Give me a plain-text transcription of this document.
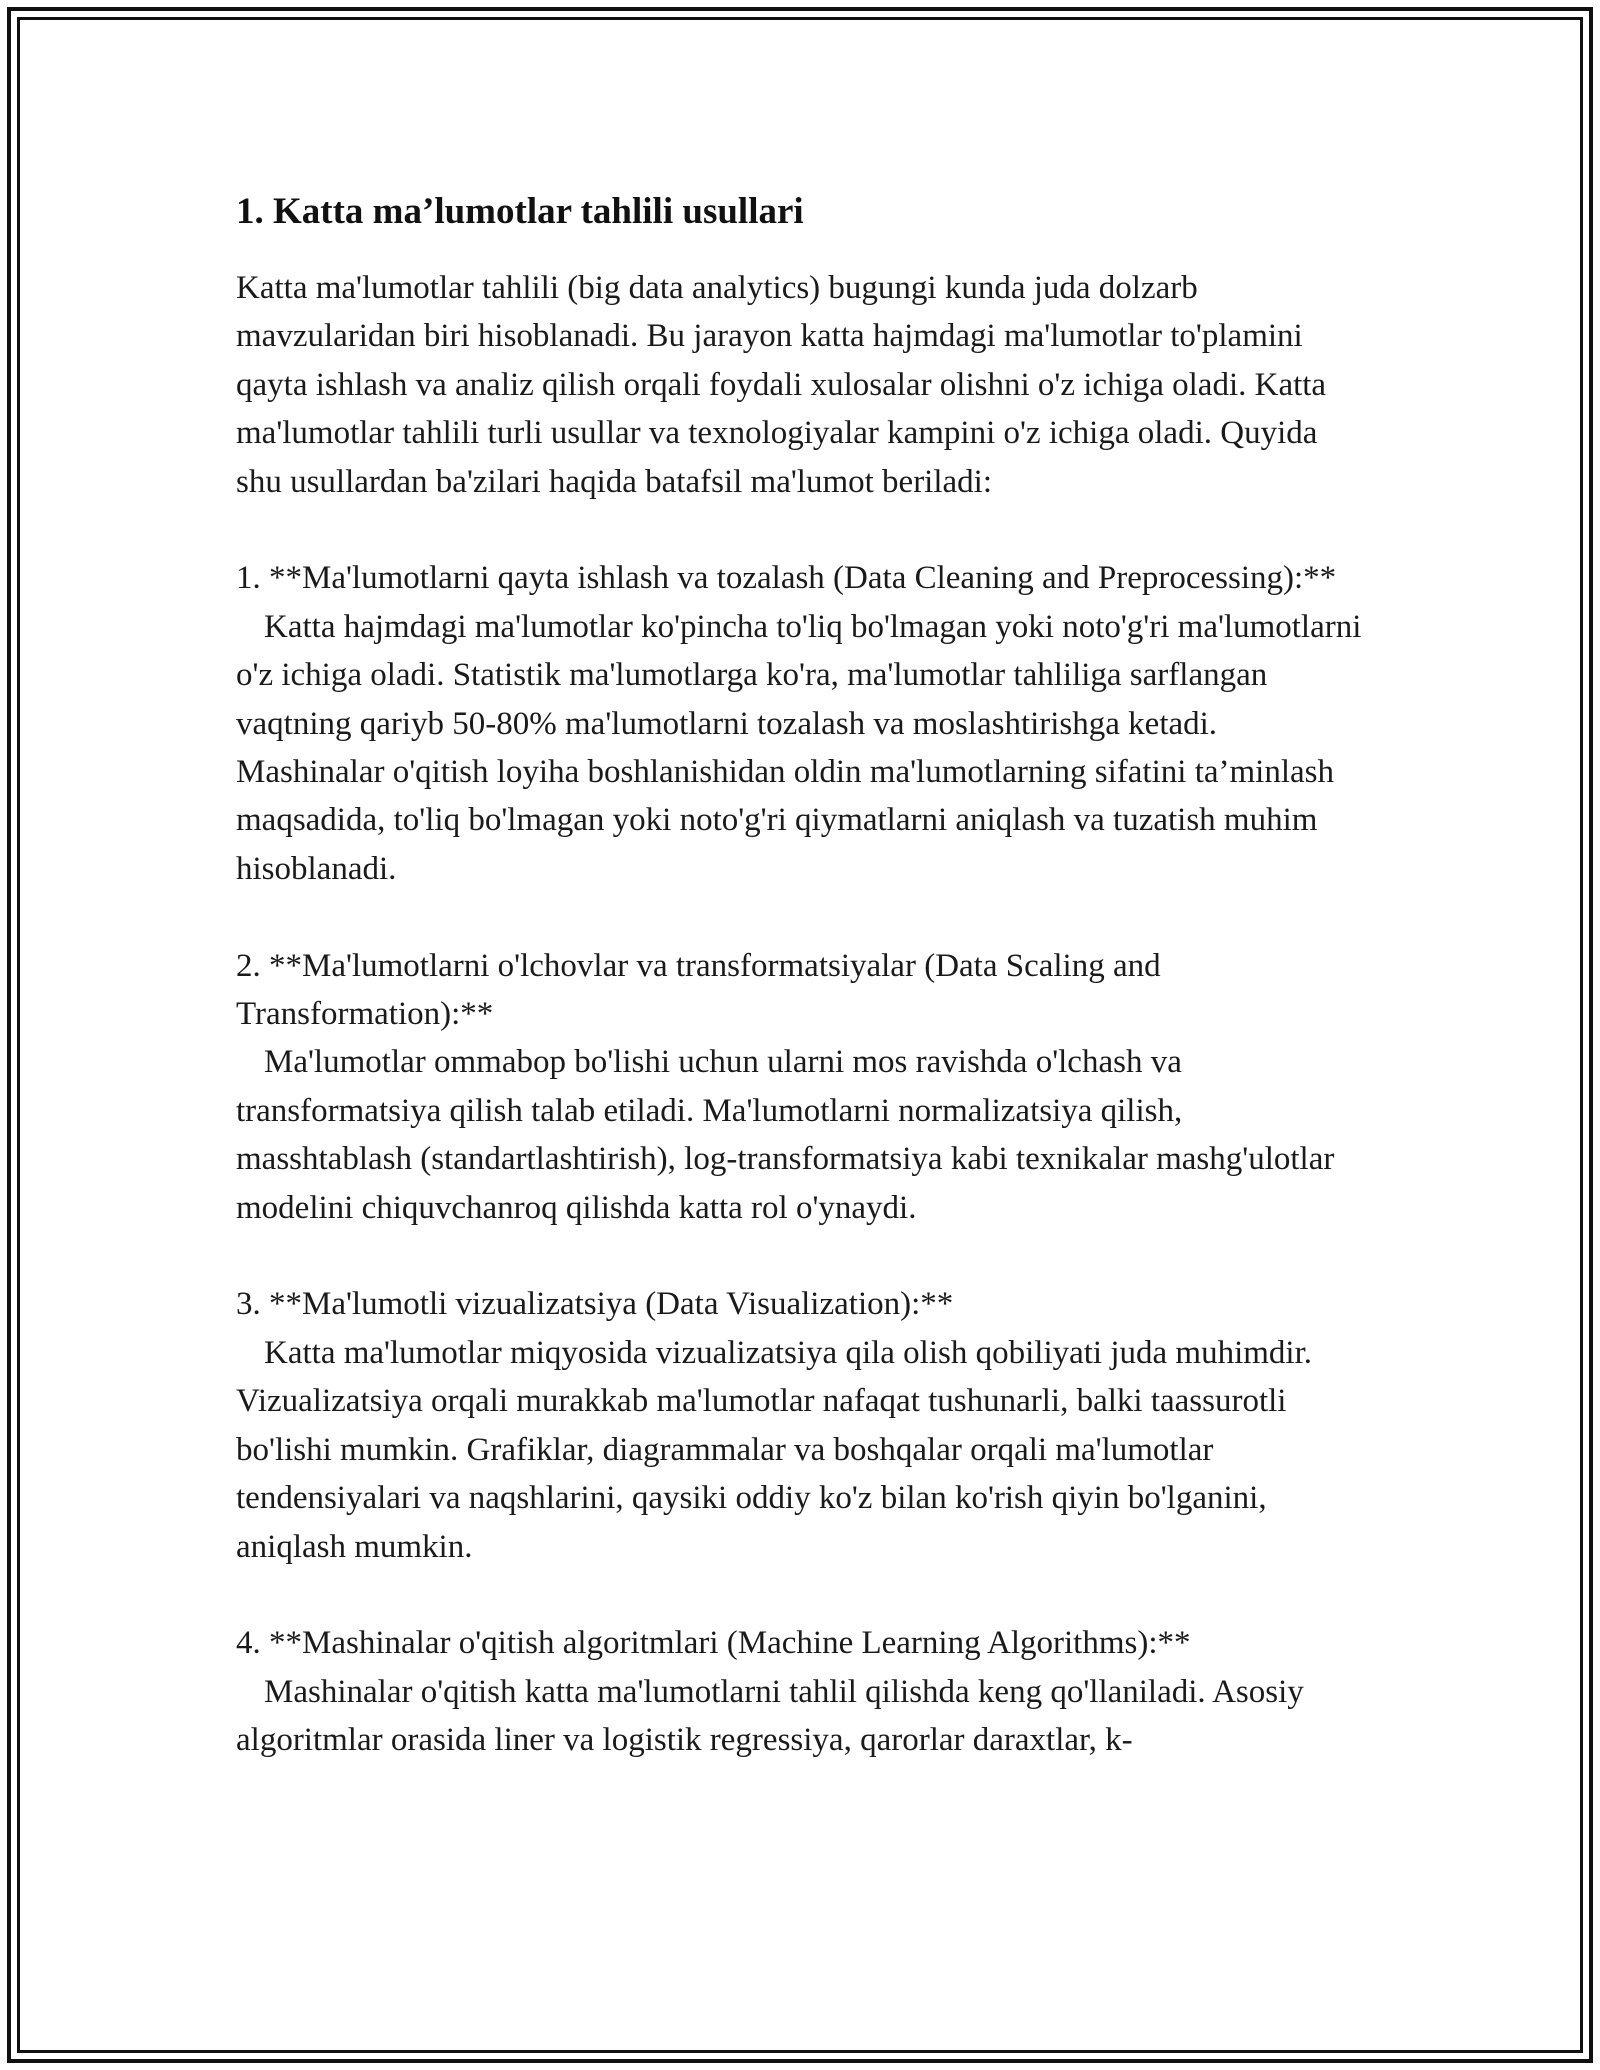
1. Katta ma’lumotlar tahlili usullari

Katta ma'lumotlar tahlili (big data analytics) bugungi kunda juda dolzarb mavzularidan biri hisoblanadi. Bu jarayon katta hajmdagi ma'lumotlar to'plamini qayta ishlash va analiz qilish orqali foydali xulosalar olishni o'z ichiga oladi. Katta ma'lumotlar tahlili turli usullar va texnologiyalar kampini o'z ichiga oladi. Quyida shu usullardan ba'zilari haqida batafsil ma'lumot beriladi:

1. **Ma'lumotlarni qayta ishlash va tozalash (Data Cleaning and Preprocessing):**
Katta hajmdagi ma'lumotlar ko'pincha to'liq bo'lmagan yoki noto'g'ri ma'lumotlarni o'z ichiga oladi. Statistik ma'lumotlarga ko'ra, ma'lumotlar tahliliga sarflangan vaqtning qariyb 50-80% ma'lumotlarni tozalash va moslashtirishga ketadi. Mashinalar o'qitish loyiha boshlanishidan oldin ma'lumotlarning sifatini ta’minlash maqsadida, to'liq bo'lmagan yoki noto'g'ri qiymatlarni aniqlash va tuzatish muhim hisoblanadi.
2. **Ma'lumotlarni o'lchovlar va transformatsiyalar (Data Scaling and Transformation):**
Ma'lumotlar ommabop bo'lishi uchun ularni mos ravishda o'lchash va transformatsiya qilish talab etiladi. Ma'lumotlarni normalizatsiya qilish, masshtablash (standartlashtirish), log-transformatsiya kabi texnikalar mashg'ulotlar modelini chiquvchanroq qilishda katta rol o'ynaydi.
3. **Ma'lumotli vizualizatsiya (Data Visualization):**
Katta ma'lumotlar miqyosida vizualizatsiya qila olish qobiliyati juda muhimdir. Vizualizatsiya orqali murakkab ma'lumotlar nafaqat tushunarli, balki taassurotli bo'lishi mumkin. Grafiklar, diagrammalar va boshqalar orqali ma'lumotlar tendensiyalari va naqshlarini, qaysiki oddiy ko'z bilan ko'rish qiyin bo'lganini, aniqlash mumkin.
4. **Mashinalar o'qitish algoritmlari (Machine Learning Algorithms):**
Mashinalar o'qitish katta ma'lumotlarni tahlil qilishda keng qo'llaniladi. Asosiy algoritmlar orasida liner va logistik regressiya, qarorlar daraxtlar, k-
